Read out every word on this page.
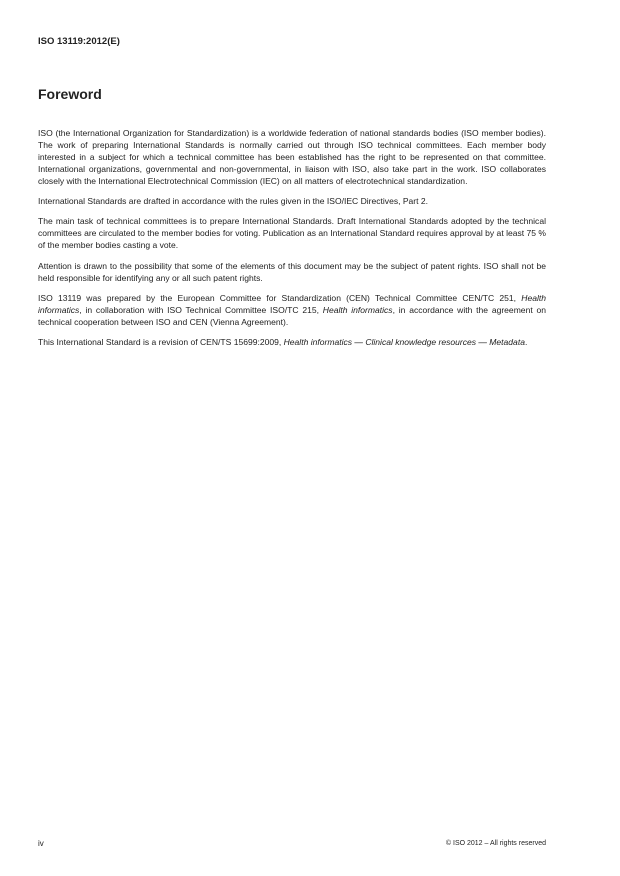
ISO 13119:2012(E)
Foreword

ISO (the International Organization for Standardization) is a worldwide federation of national standards bodies (ISO member bodies). The work of preparing International Standards is normally carried out through ISO technical committees. Each member body interested in a subject for which a technical committee has been established has the right to be represented on that committee. International organizations, governmental and non-governmental, in liaison with ISO, also take part in the work. ISO collaborates closely with the International Electrotechnical Commission (IEC) on all matters of electrotechnical standardization.

International Standards are drafted in accordance with the rules given in the ISO/IEC Directives, Part 2.

The main task of technical committees is to prepare International Standards. Draft International Standards adopted by the technical committees are circulated to the member bodies for voting. Publication as an International Standard requires approval by at least 75 % of the member bodies casting a vote.

Attention is drawn to the possibility that some of the elements of this document may be the subject of patent rights. ISO shall not be held responsible for identifying any or all such patent rights.

ISO 13119 was prepared by the European Committee for Standardization (CEN) Technical Committee CEN/TC 251, Health informatics, in collaboration with ISO Technical Committee ISO/TC 215, Health informatics, in accordance with the agreement on technical cooperation between ISO and CEN (Vienna Agreement).

This International Standard is a revision of CEN/TS 15699:2009, Health informatics — Clinical knowledge resources — Metadata.

iv	© ISO 2012 – All rights reserved
